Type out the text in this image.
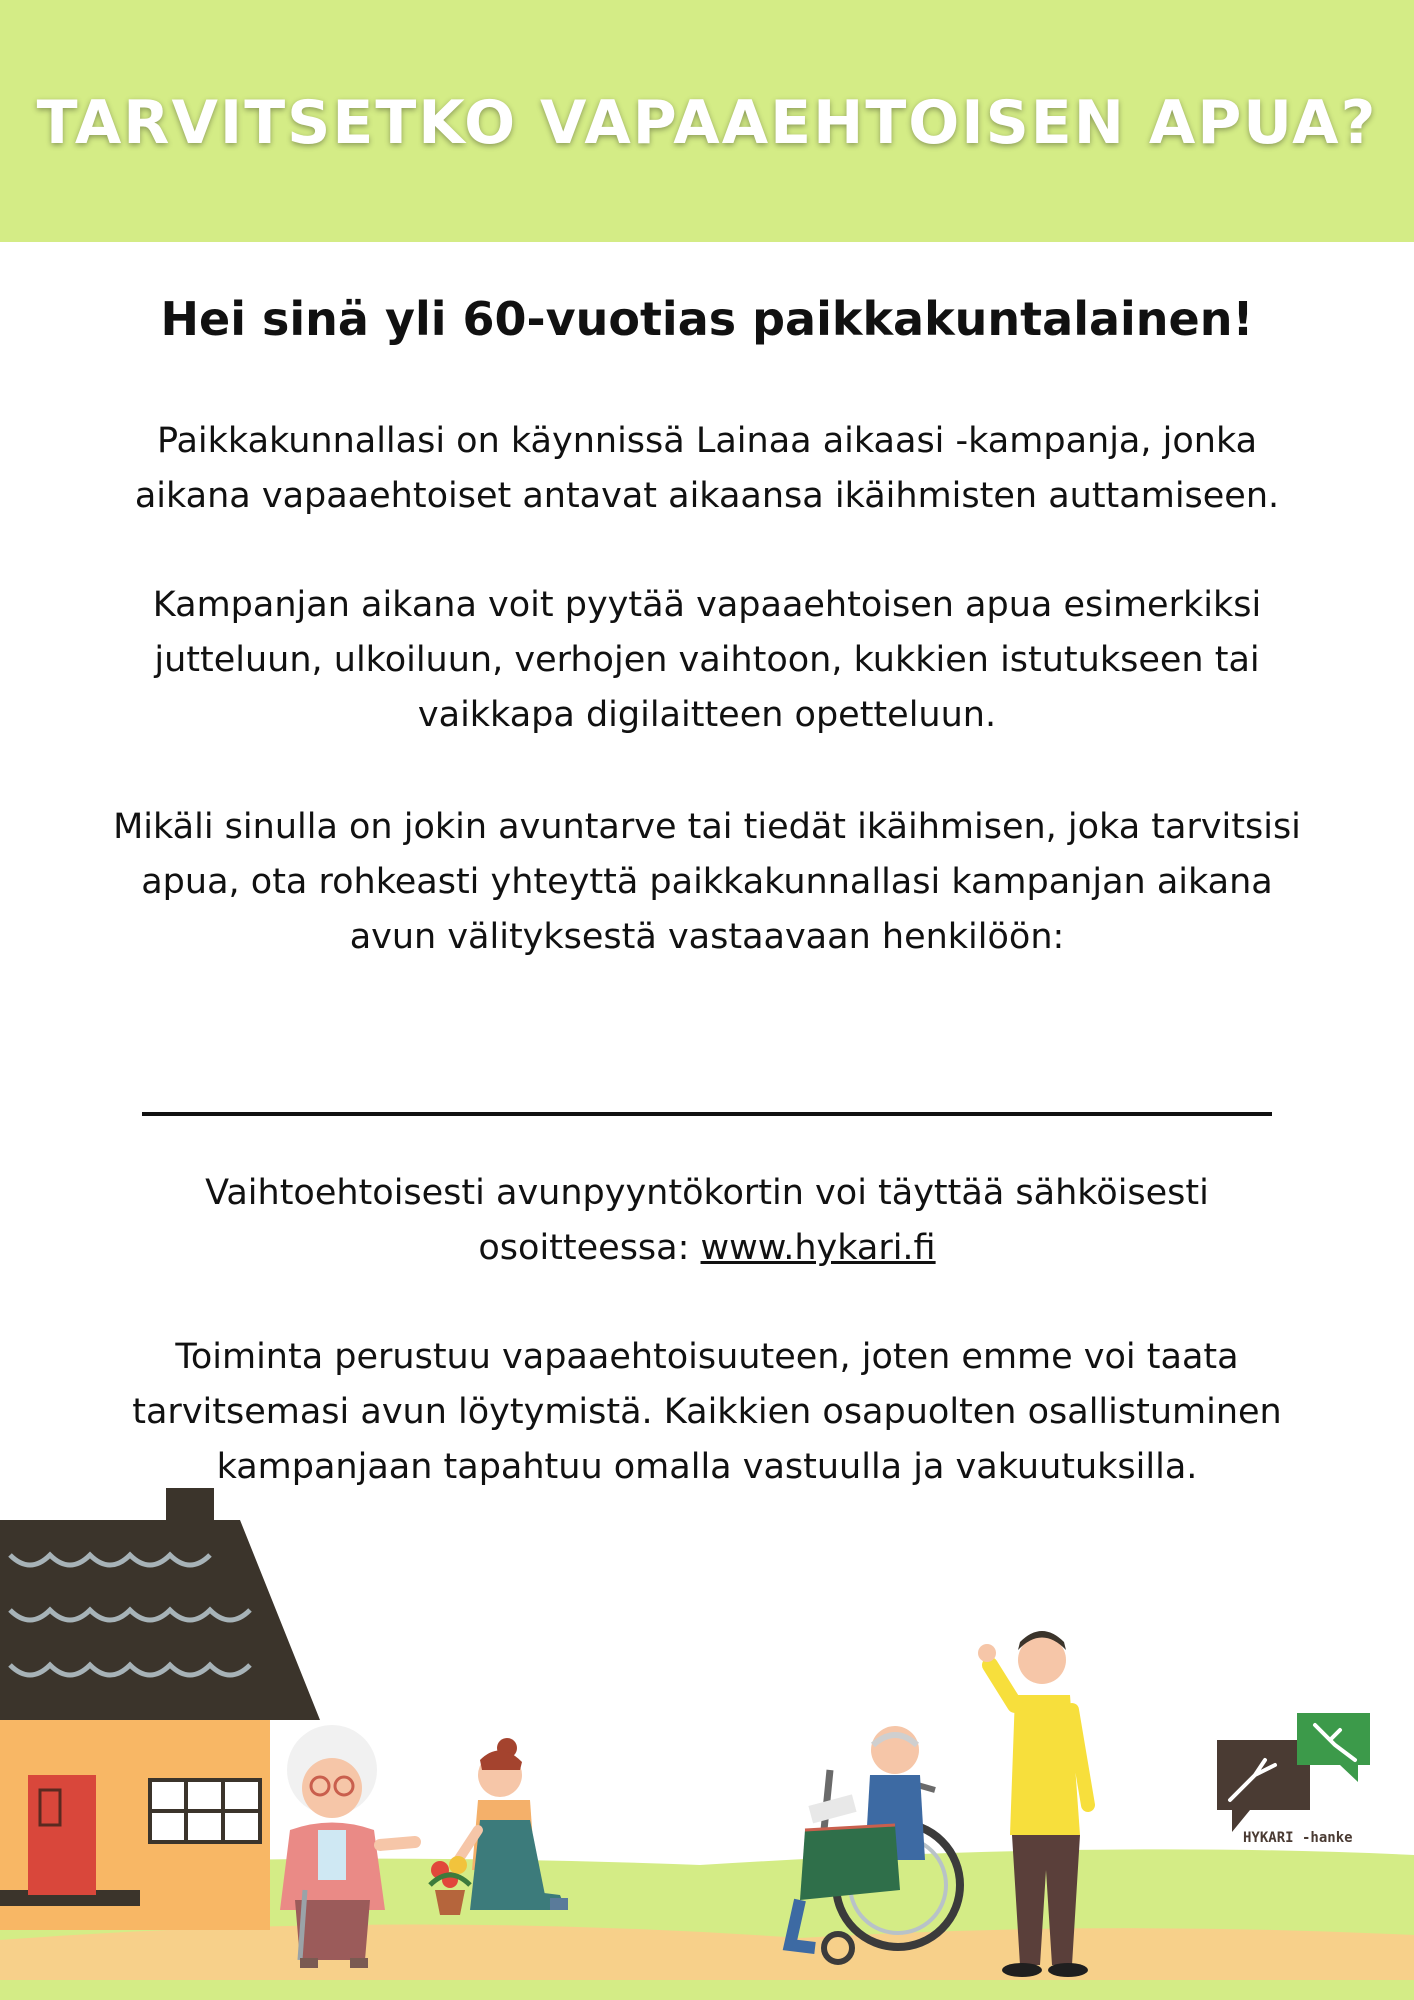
TARVITSETKO VAPAAEHTOISEN APUA?

Hei sinä yli 60-vuotias paikkakuntalainen!

Paikkakunnallasi on käynnissä Lainaa aikaasi -kampanja, jonka aikana vapaaehtoiset antavat aikaansa ikäihmisten auttamiseen.

Kampanjan aikana voit pyytää vapaaehtoisen apua esimerkiksi jutteluun, ulkoiluun, verhojen vaihtoon, kukkien istutukseen tai vaikkapa digilaitteen opetteluun.

Mikäli sinulla on jokin avuntarve tai tiedät ikäihmisen, joka tarvitsisi apua, ota rohkeasti yhteyttä paikkakunnallasi kampanjan aikana avun välityksestä vastaavaan henkilöön:

Vaihtoehtoisesti avunpyyntökortin voi täyttää sähköisesti osoitteessa: www.hykari.fi

Toiminta perustuu vapaaehtoisuuteen, joten emme voi taata tarvitsemasi avun löytymistä. Kaikkien osapuolten osallistuminen kampanjaan tapahtuu omalla vastuulla ja vakuutuksilla.

HYKARI -hanke
